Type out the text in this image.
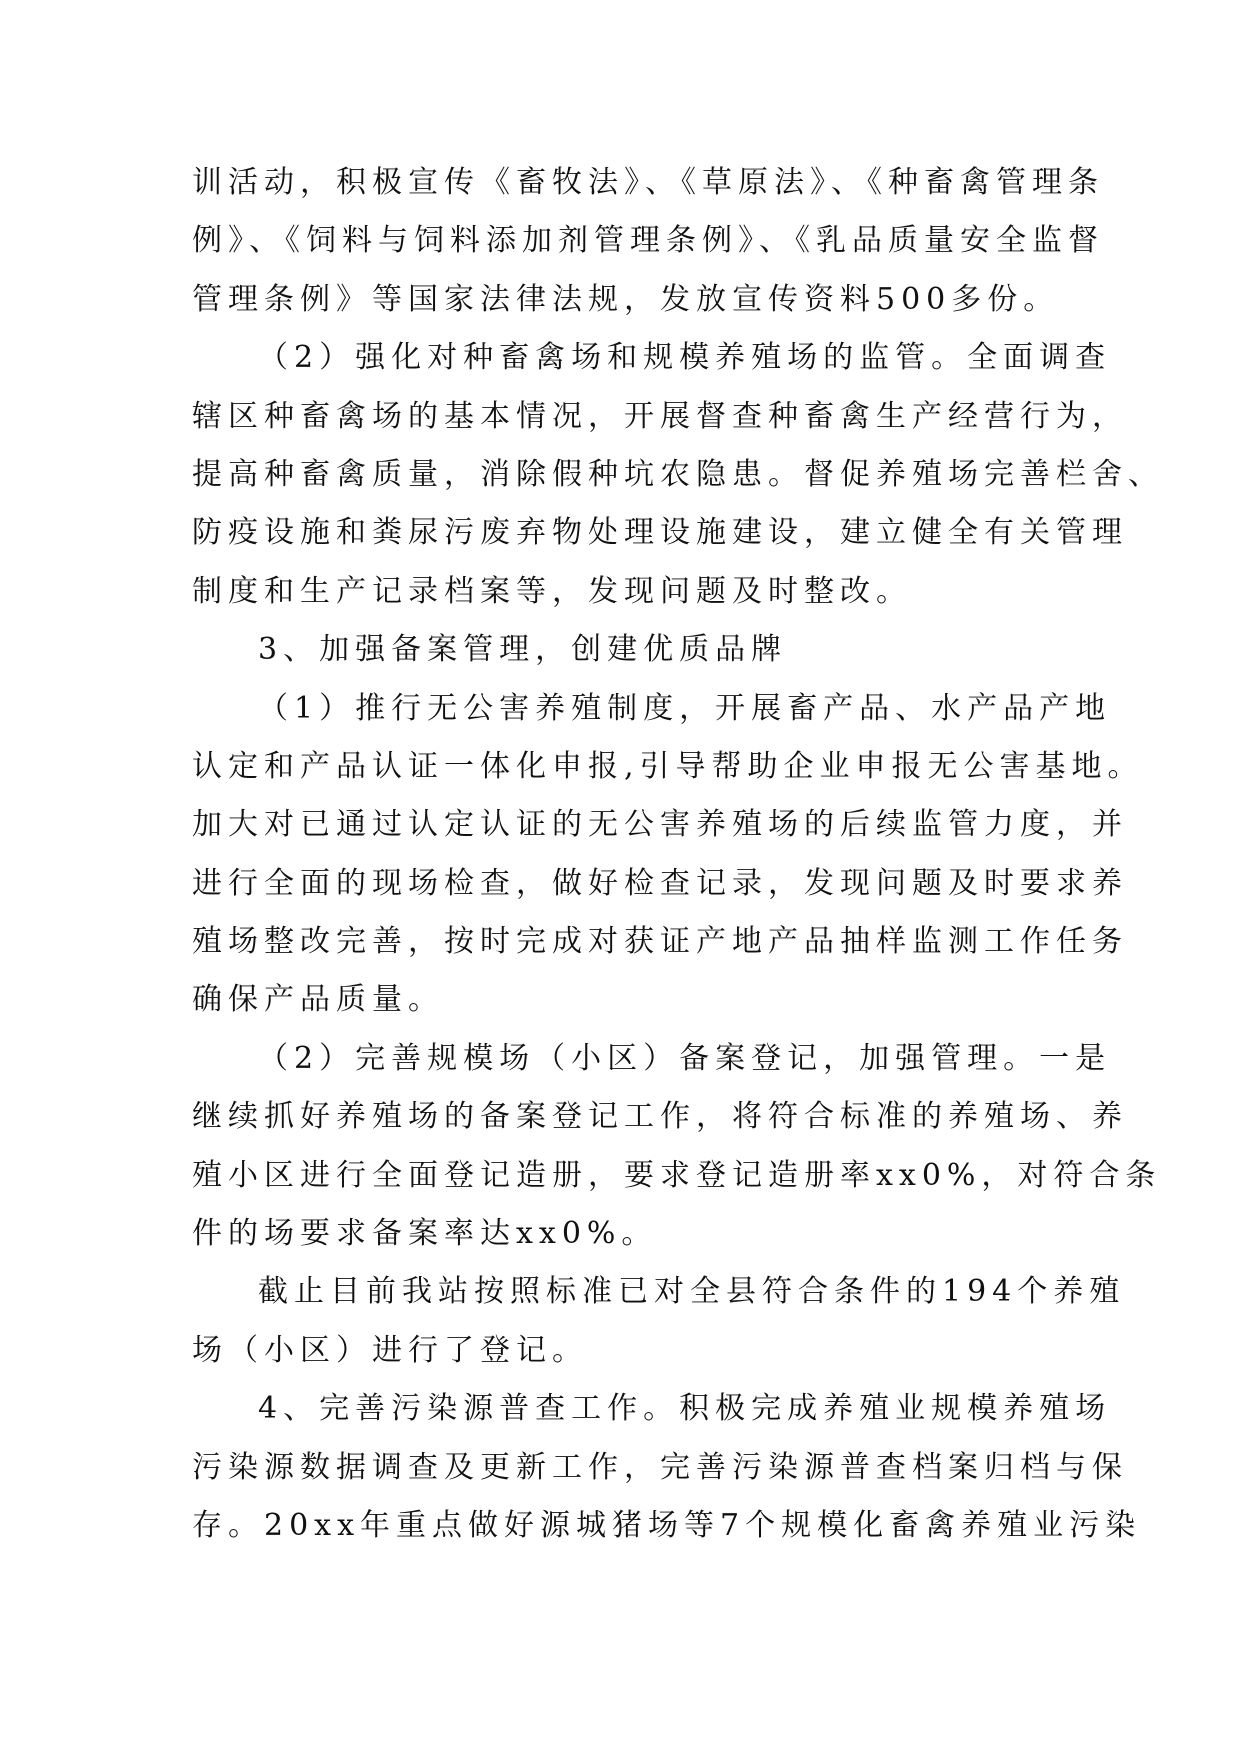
训活动，积极宣传《畜牧法》、《草原法》、《种畜禽管理条
例》、《饲料与饲料添加剂管理条例》、《乳品质量安全监督
管理条例》等国家法律法规，发放宣传资料500多份。
（2）强化对种畜禽场和规模养殖场的监管。全面调查
辖区种畜禽场的基本情况，开展督查种畜禽生产经营行为，
提高种畜禽质量，消除假种坑农隐患。督促养殖场完善栏舍、
防疫设施和粪尿污废弃物处理设施建设，建立健全有关管理
制度和生产记录档案等，发现问题及时整改。
3、加强备案管理，创建优质品牌
（1）推行无公害养殖制度，开展畜产品、水产品产地
认定和产品认证一体化申报,引导帮助企业申报无公害基地。
加大对已通过认定认证的无公害养殖场的后续监管力度，并
进行全面的现场检查，做好检查记录，发现问题及时要求养
殖场整改完善，按时完成对获证产地产品抽样监测工作任务
确保产品质量。
（2）完善规模场（小区）备案登记，加强管理。一是
继续抓好养殖场的备案登记工作，将符合标准的养殖场、养
殖小区进行全面登记造册，要求登记造册率xx0%，对符合条
件的场要求备案率达xx0%。
截止目前我站按照标准已对全县符合条件的194个养殖
场（小区）进行了登记。
4、完善污染源普查工作。积极完成养殖业规模养殖场
污染源数据调查及更新工作，完善污染源普查档案归档与保
存。20xx年重点做好源城猪场等7个规模化畜禽养殖业污染
